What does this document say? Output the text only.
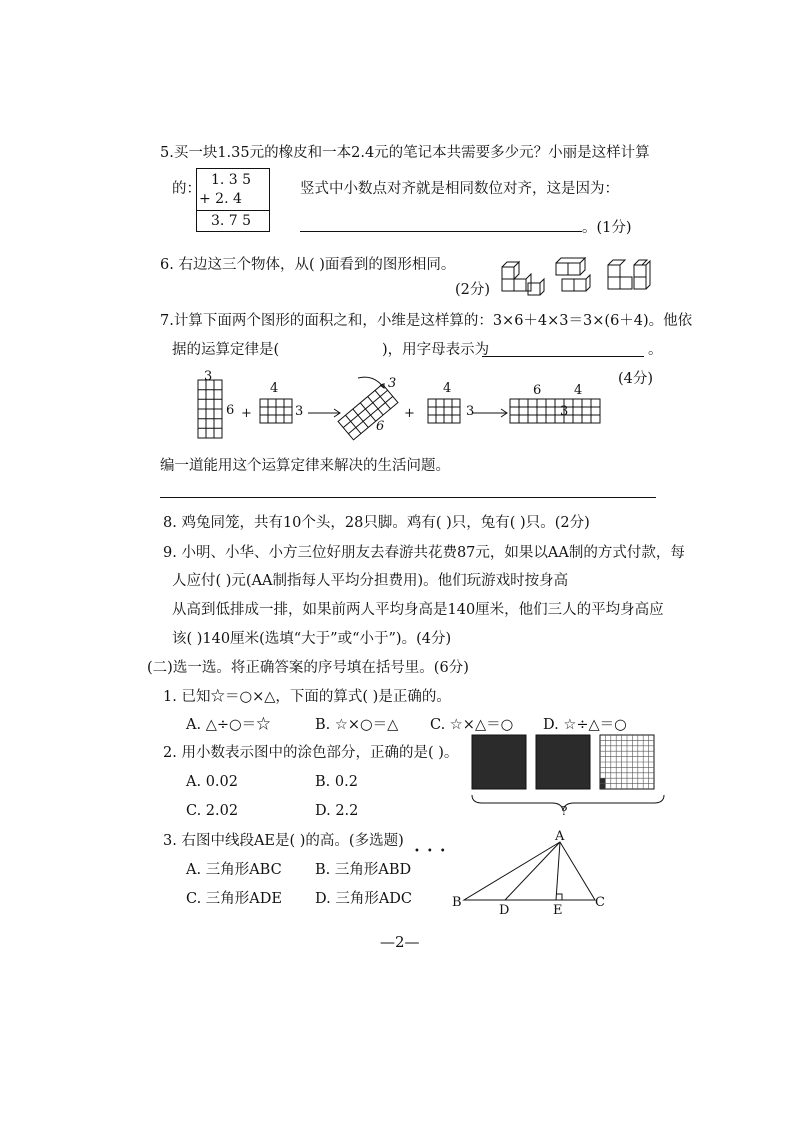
5.买一块1.35元的橡皮和一本2.4元的笔记本共需要多少元？小丽是这样计算
的：
1. 3 5
+ 2. 4
3. 7 5
竖式中小数点对齐就是相同数位对齐，这是因为：
。(1分)
6. 右边这三个物体，从( )面看到的图形相同。
(2分)
7.计算下面两个图形的面积之和，小维是这样算的：3×6＋4×3＝3×(6＋4)。他依
据的运算定律是(	)，用字母表示为	。
(4分)
3
6 +
4
3
3
6
+
4
3
6	4
3
编一道能用这个运算定律来解决的生活问题。
8. 鸡兔同笼，共有10个头，28只脚。鸡有( )只，兔有( )只。(2分)
9. 小明、小华、小方三位好朋友去春游共花费87元，如果以AA制的方式付款，每
人应付( )元(AA制指每人平均分担费用)。他们玩游戏时按身高
从高到低排成一排，如果前两人平均身高是140厘米，他们三人的平均身高应
该( )140厘米(选填“大于”或“小于”)。(4分)
(二)选一选。将正确答案的序号填在括号里。(6分)
1. 已知☆＝○×△，下面的算式( )是正确的。
A. △÷○＝☆	B. ☆×○＝△ C. ☆×△＝○ D. ☆÷△＝○
2. 用小数表示图中的涂色部分，正确的是( )。
A. 0.02	B. 0.2
C. 2.02	D. 2.2	?
3. 右图中线段AE是( )的高。(多选题)
•••
A. 三角形ABC B. 三角形ABD
C. 三角形ADE D. 三角形ADC
A
B
D	E
C
—2—
